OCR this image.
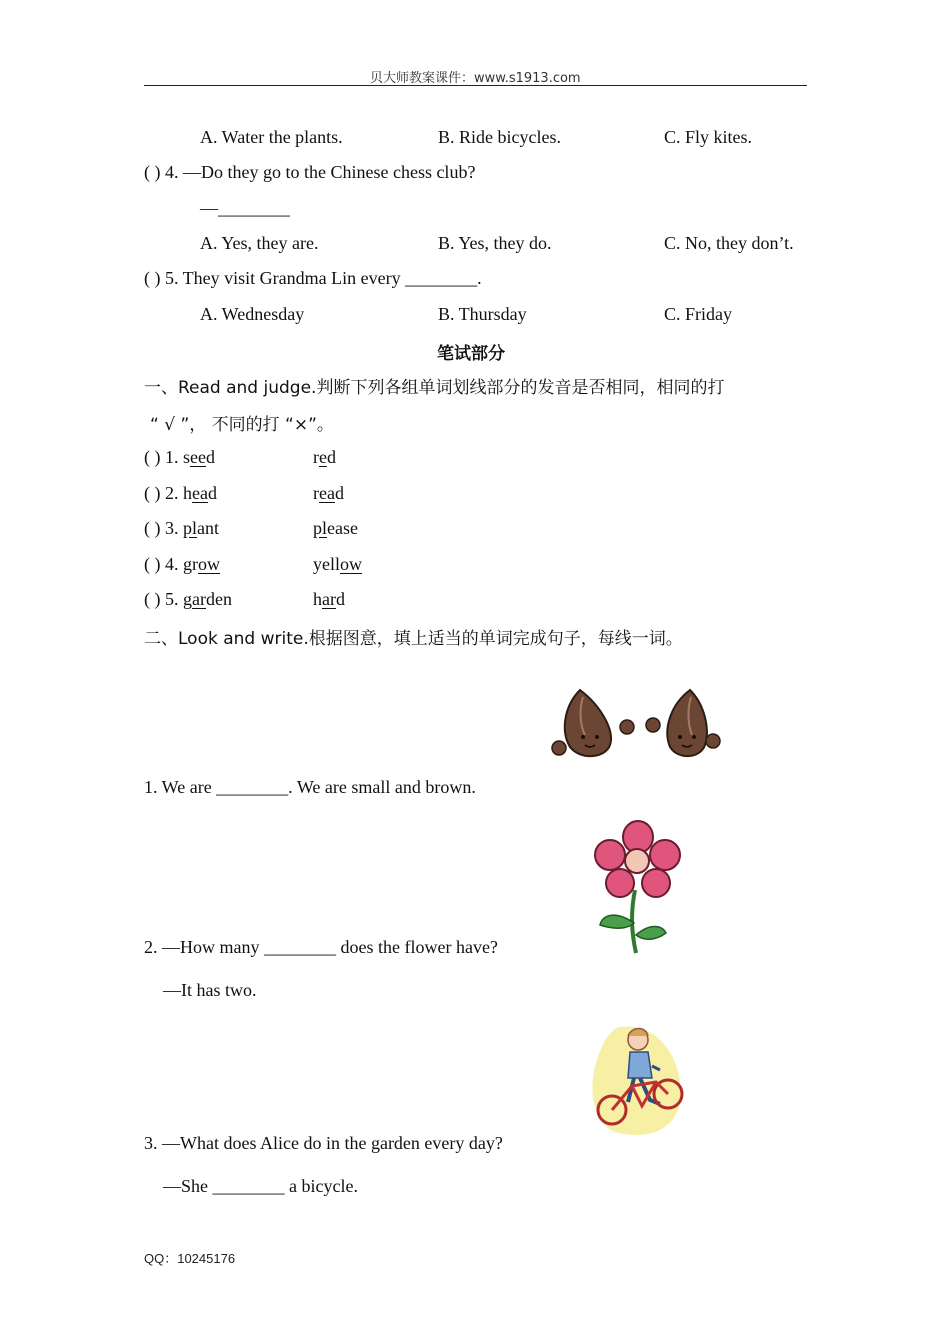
贝大师教案课件：www.s1913.com
A. Water the plants.	B. Ride bicycles.	C. Fly kites.
( ) 4. —Do they go to the Chinese chess club?
—________
A. Yes, they are.	B. Yes, they do.	C. No, they don’t.
( ) 5. They visit Grandma Lin every ________.
A. Wednesday	B. Thursday	C. Friday
笔试部分
一、Read and judge.判断下列各组单词划线部分的发音是否相同，相同的打
“ √ ”， 不同的打 “×”。
( ) 1. seed	red
( ) 2. head	read
( ) 3. plant	please
( ) 4. grow	yellow
( ) 5. garden	hard
二、Look and write.根据图意，填上适当的单词完成句子，每线一词。
1. We are ________. We are small and brown.
2. —How many ________ does the flower have?
—It has two.
3. —What does Alice do in the garden every day?
—She ________ a bicycle.
QQ：10245176
